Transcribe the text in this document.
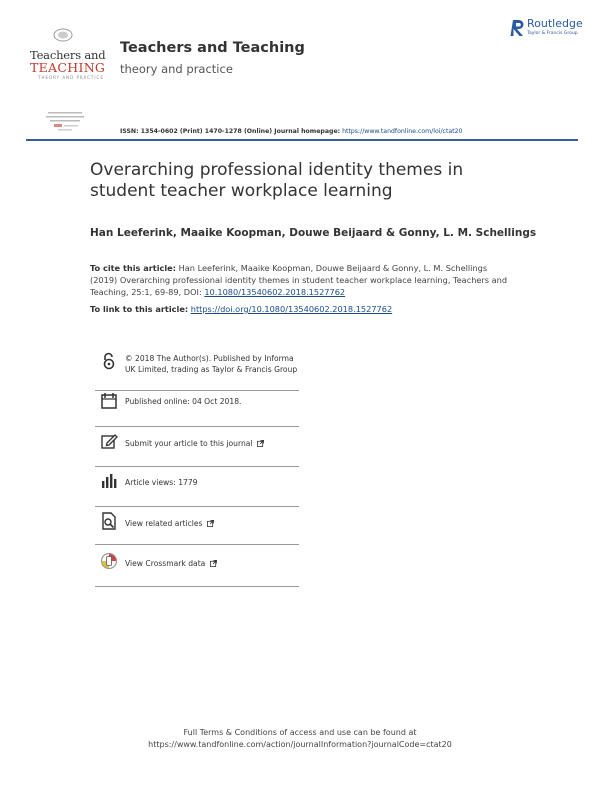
Teachers and
TEACHING
THEORY AND PRACTICE
Teachers and Teaching
theory and practice
Routledge
Taylor & Francis Group
ISSN: 1354-0602 (Print) 1470-1278 (Online) Journal homepage: https://www.tandfonline.com/loi/ctat20
Overarching professional identity themes in student teacher workplace learning
Han Leeferink, Maaike Koopman, Douwe Beijaard & Gonny, L. M. Schellings
To cite this article: Han Leeferink, Maaike Koopman, Douwe Beijaard & Gonny, L. M. Schellings (2019) Overarching professional identity themes in student teacher workplace learning, Teachers and Teaching, 25:1, 69-89, DOI: 10.1080/13540602.2018.1527762
To link to this article: https://doi.org/10.1080/13540602.2018.1527762
© 2018 The Author(s). Published by Informa UK Limited, trading as Taylor & Francis Group
Published online: 04 Oct 2018.
Submit your article to this journal
Article views: 1779
View related articles
View Crossmark data
Full Terms & Conditions of access and use can be found at
https://www.tandfonline.com/action/journalInformation?journalCode=ctat20
